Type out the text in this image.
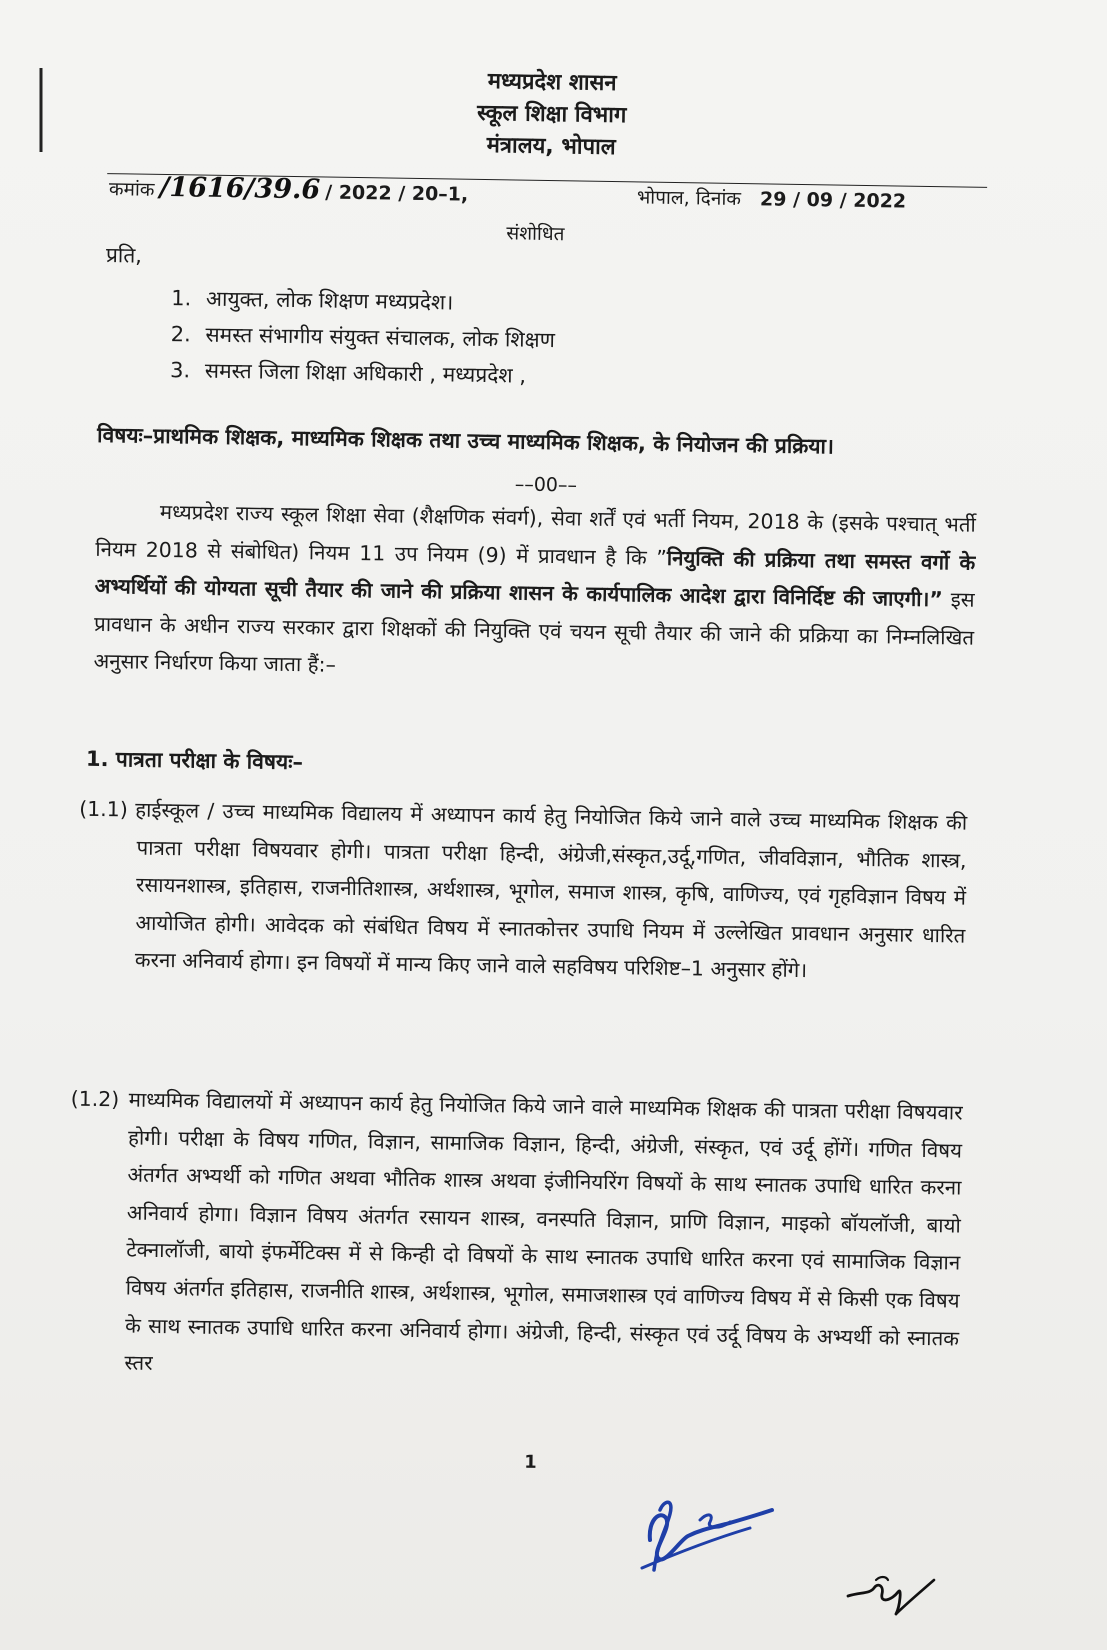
मध्यप्रदेश शासन
स्कूल शिक्षा विभाग
मंत्रालय, भोपाल
कमांक /1616/39.6 / 2022 / 20–1,	भोपाल, दिनांक 29 / 09 / 2022
संशोधित
प्रति,
1. आयुक्त, लोक शिक्षण मध्यप्रदेश।
2. समस्त संभागीय संयुक्त संचालक, लोक शिक्षण
3. समस्त जिला शिक्षा अधिकारी , मध्यप्रदेश ,
विषयः–प्राथमिक शिक्षक, माध्यमिक शिक्षक तथा उच्च माध्यमिक शिक्षक, के नियोजन की प्रक्रिया।
––00––
मध्यप्रदेश राज्य स्कूल शिक्षा सेवा (शैक्षणिक संवर्ग), सेवा शर्तें एवं भर्ती नियम, 2018 के (इसके पश्चात् भर्ती नियम 2018 से संबोधित) नियम 11 उप नियम (9) में प्रावधान है कि ”नियुक्ति की प्रक्रिया तथा समस्त वर्गो के अभ्यर्थियों की योग्यता सूची तैयार की जाने की प्रक्रिया शासन के कार्यपालिक आदेश द्वारा विनिर्दिष्ट की जाएगी।” इस प्रावधान के अधीन राज्य सरकार द्वारा शिक्षकों की नियुक्ति एवं चयन सूची तैयार की जाने की प्रक्रिया का निम्नलिखित अनुसार निर्धारण किया जाता हैं:–
1. पात्रता परीक्षा के विषयः–
(1.1) हाईस्कूल / उच्च माध्यमिक विद्यालय में अध्यापन कार्य हेतु नियोजित किये जाने वाले उच्च माध्यमिक शिक्षक की पात्रता परीक्षा विषयवार होगी। पात्रता परीक्षा हिन्दी, अंग्रेजी,संस्कृत,उर्दू,गणित, जीवविज्ञान, भौतिक शास्त्र, रसायनशास्त्र, इतिहास, राजनीतिशास्त्र, अर्थशास्त्र, भूगोल, समाज शास्त्र, कृषि, वाणिज्य, एवं गृहविज्ञान विषय में आयोजित होगी। आवेदक को संबंधित विषय में स्नातकोत्तर उपाधि नियम में उल्लेखित प्रावधान अनुसार धारित करना अनिवार्य होगा। इन विषयों में मान्य किए जाने वाले सहविषय परिशिष्ट–1 अनुसार होंगे।
(1.2) माध्यमिक विद्यालयों में अध्यापन कार्य हेतु नियोजित किये जाने वाले माध्यमिक शिक्षक की पात्रता परीक्षा विषयवार होगी। परीक्षा के विषय गणित, विज्ञान, सामाजिक विज्ञान, हिन्दी, अंग्रेजी, संस्कृत, एवं उर्दू होंगें। गणित विषय अंतर्गत अभ्यर्थी को गणित अथवा भौतिक शास्त्र अथवा इंजीनियरिंग विषयों के साथ स्नातक उपाधि धारित करना अनिवार्य होगा। विज्ञान विषय अंतर्गत रसायन शास्त्र, वनस्पति विज्ञान, प्राणि विज्ञान, माइको बॉयलॉजी, बायो टेक्नालॉजी, बायो इंफर्मेटिक्स में से किन्ही दो विषयों के साथ स्नातक उपाधि धारित करना एवं सामाजिक विज्ञान विषय अंतर्गत इतिहास, राजनीति शास्त्र, अर्थशास्त्र, भूगोल, समाजशास्त्र एवं वाणिज्य विषय में से किसी एक विषय के साथ स्नातक उपाधि धारित करना अनिवार्य होगा। अंग्रेजी, हिन्दी, संस्कृत एवं उर्दू विषय के अभ्यर्थी को स्नातक स्तर
1
